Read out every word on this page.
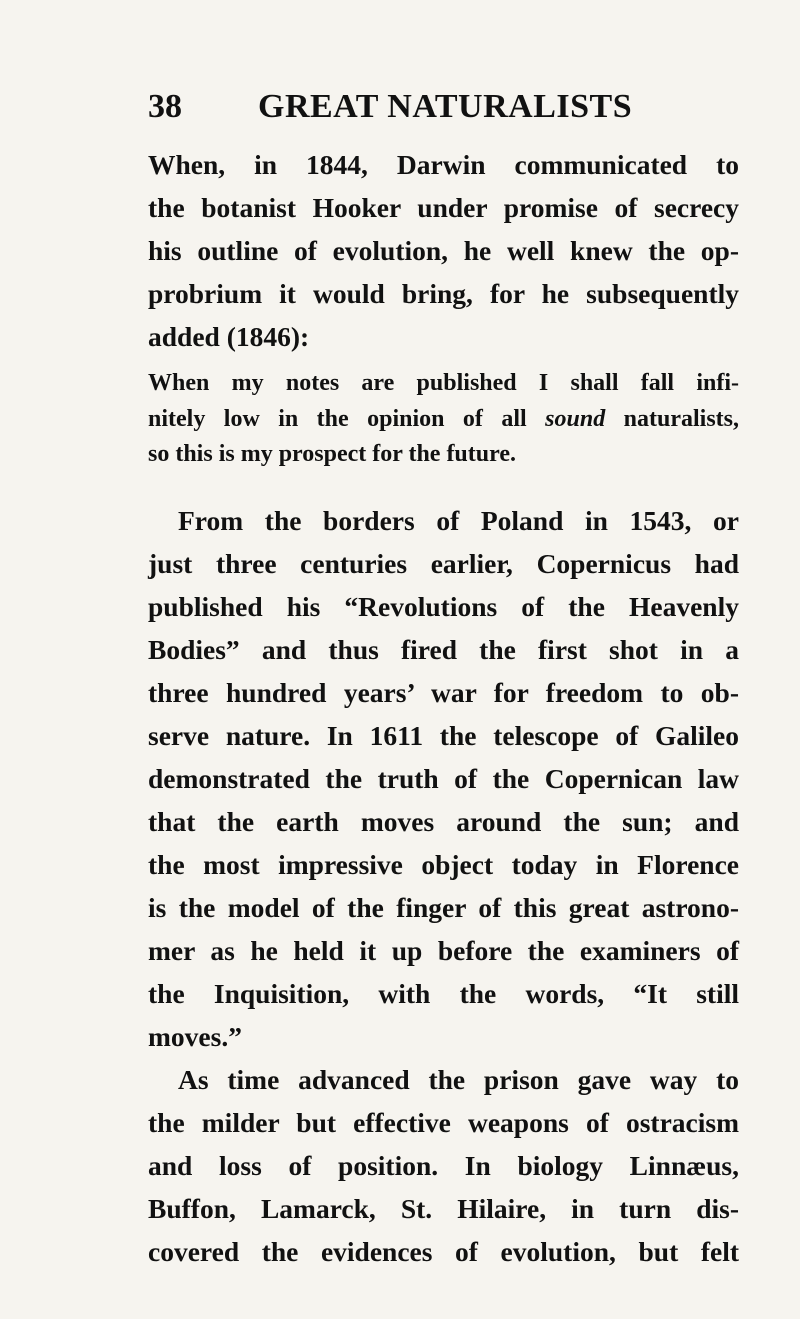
38 GREAT NATURALISTS
When, in 1844, Darwin communicated to
the botanist Hooker under promise of secrecy
his outline of evolution, he well knew the op-
probrium it would bring, for he subsequently
added (1846):
When my notes are published I shall fall infi-
nitely low in the opinion of all sound naturalists,
so this is my prospect for the future.
From the borders of Poland in 1543, or
just three centuries earlier, Copernicus had
published his “Revolutions of the Heavenly
Bodies” and thus fired the first shot in a
three hundred years’ war for freedom to ob-
serve nature. In 1611 the telescope of Galileo
demonstrated the truth of the Copernican law
that the earth moves around the sun; and
the most impressive object today in Florence
is the model of the finger of this great astrono-
mer as he held it up before the examiners of
the Inquisition, with the words, “It still
moves.”
As time advanced the prison gave way to
the milder but effective weapons of ostracism
and loss of position. In biology Linnæus,
Buffon, Lamarck, St. Hilaire, in turn dis-
covered the evidences of evolution, but felt
